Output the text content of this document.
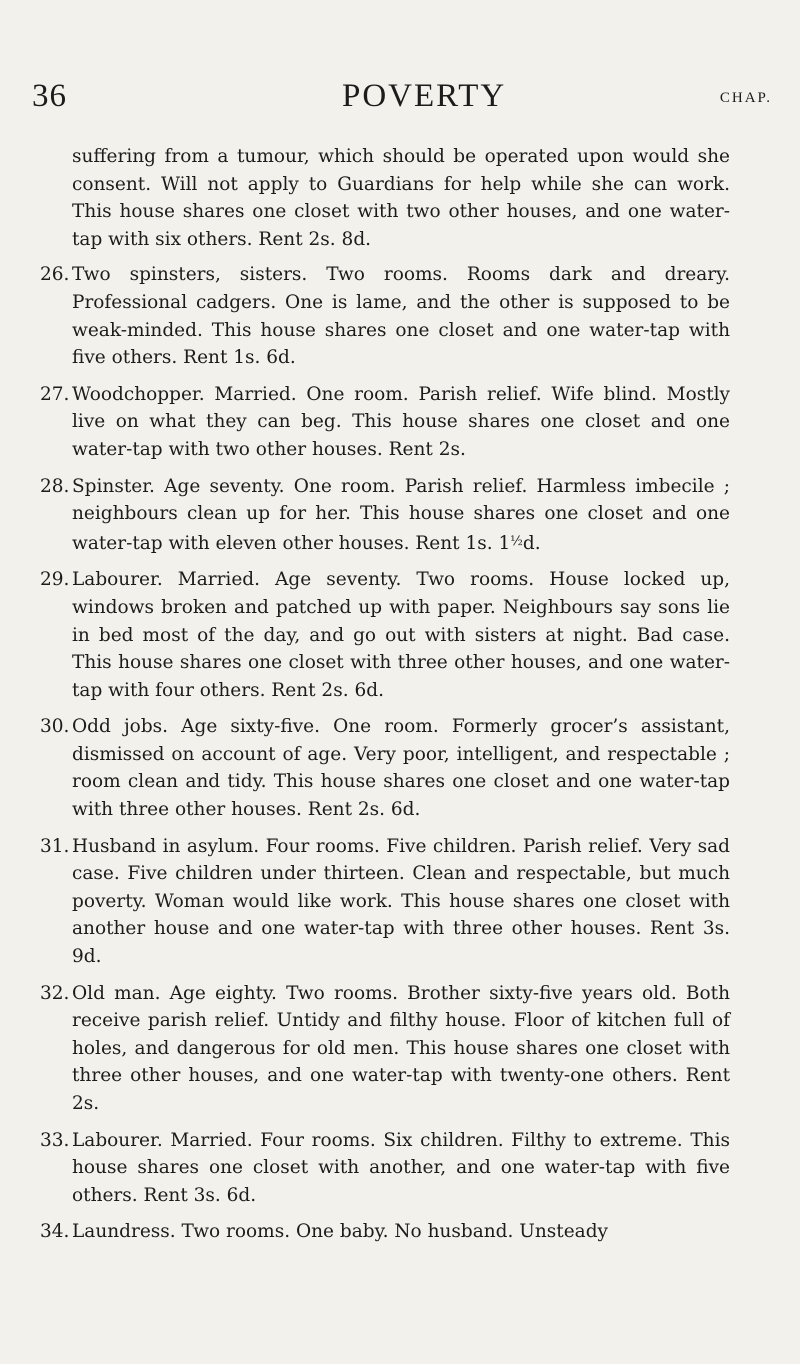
36	POVERTY	CHAP.

suffering from a tumour, which should be operated upon would she consent. Will not apply to Guardians for help while she can work. This house shares one closet with two other houses, and one water-tap with six others. Rent 2s. 8d.

26. Two spinsters, sisters. Two rooms. Rooms dark and dreary. Professional cadgers. One is lame, and the other is supposed to be weak-minded. This house shares one closet and one water-tap with five others. Rent 1s. 6d.
27. Woodchopper. Married. One room. Parish relief. Wife blind. Mostly live on what they can beg. This house shares one closet and one water-tap with two other houses. Rent 2s.
28. Spinster. Age seventy. One room. Parish relief. Harmless imbecile ; neighbours clean up for her. This house shares one closet and one water-tap with eleven other houses. Rent 1s. $1^{\frac{1}{2}}d$.
29. Labourer. Married. Age seventy. Two rooms. House locked up, windows broken and patched up with paper. Neighbours say sons lie in bed most of the day, and go out with sisters at night. Bad case. This house shares one closet with three other houses, and one water-tap with four others. Rent 2s. 6d.
30. Odd jobs. Age sixty-five. One room. Formerly grocer’s assistant, dismissed on account of age. Very poor, intelligent, and respectable ; room clean and tidy. This house shares one closet and one water-tap with three other houses. Rent 2s. 6d.
31. Husband in asylum. Four rooms. Five children. Parish relief. Very sad case. Five children under thirteen. Clean and respectable, but much poverty. Woman would like work. This house shares one closet with another house and one water-tap with three other houses. Rent 3s. 9d.
32. Old man. Age eighty. Two rooms. Brother sixty-five years old. Both receive parish relief. Untidy and filthy house. Floor of kitchen full of holes, and dangerous for old men. This house shares one closet with three other houses, and one water-tap with twenty-one others. Rent 2s.
33. Labourer. Married. Four rooms. Six children. Filthy to extreme. This house shares one closet with another, and one water-tap with five others. Rent 3s. 6d.
34. Laundress. Two rooms. One baby. No husband. Unsteady
